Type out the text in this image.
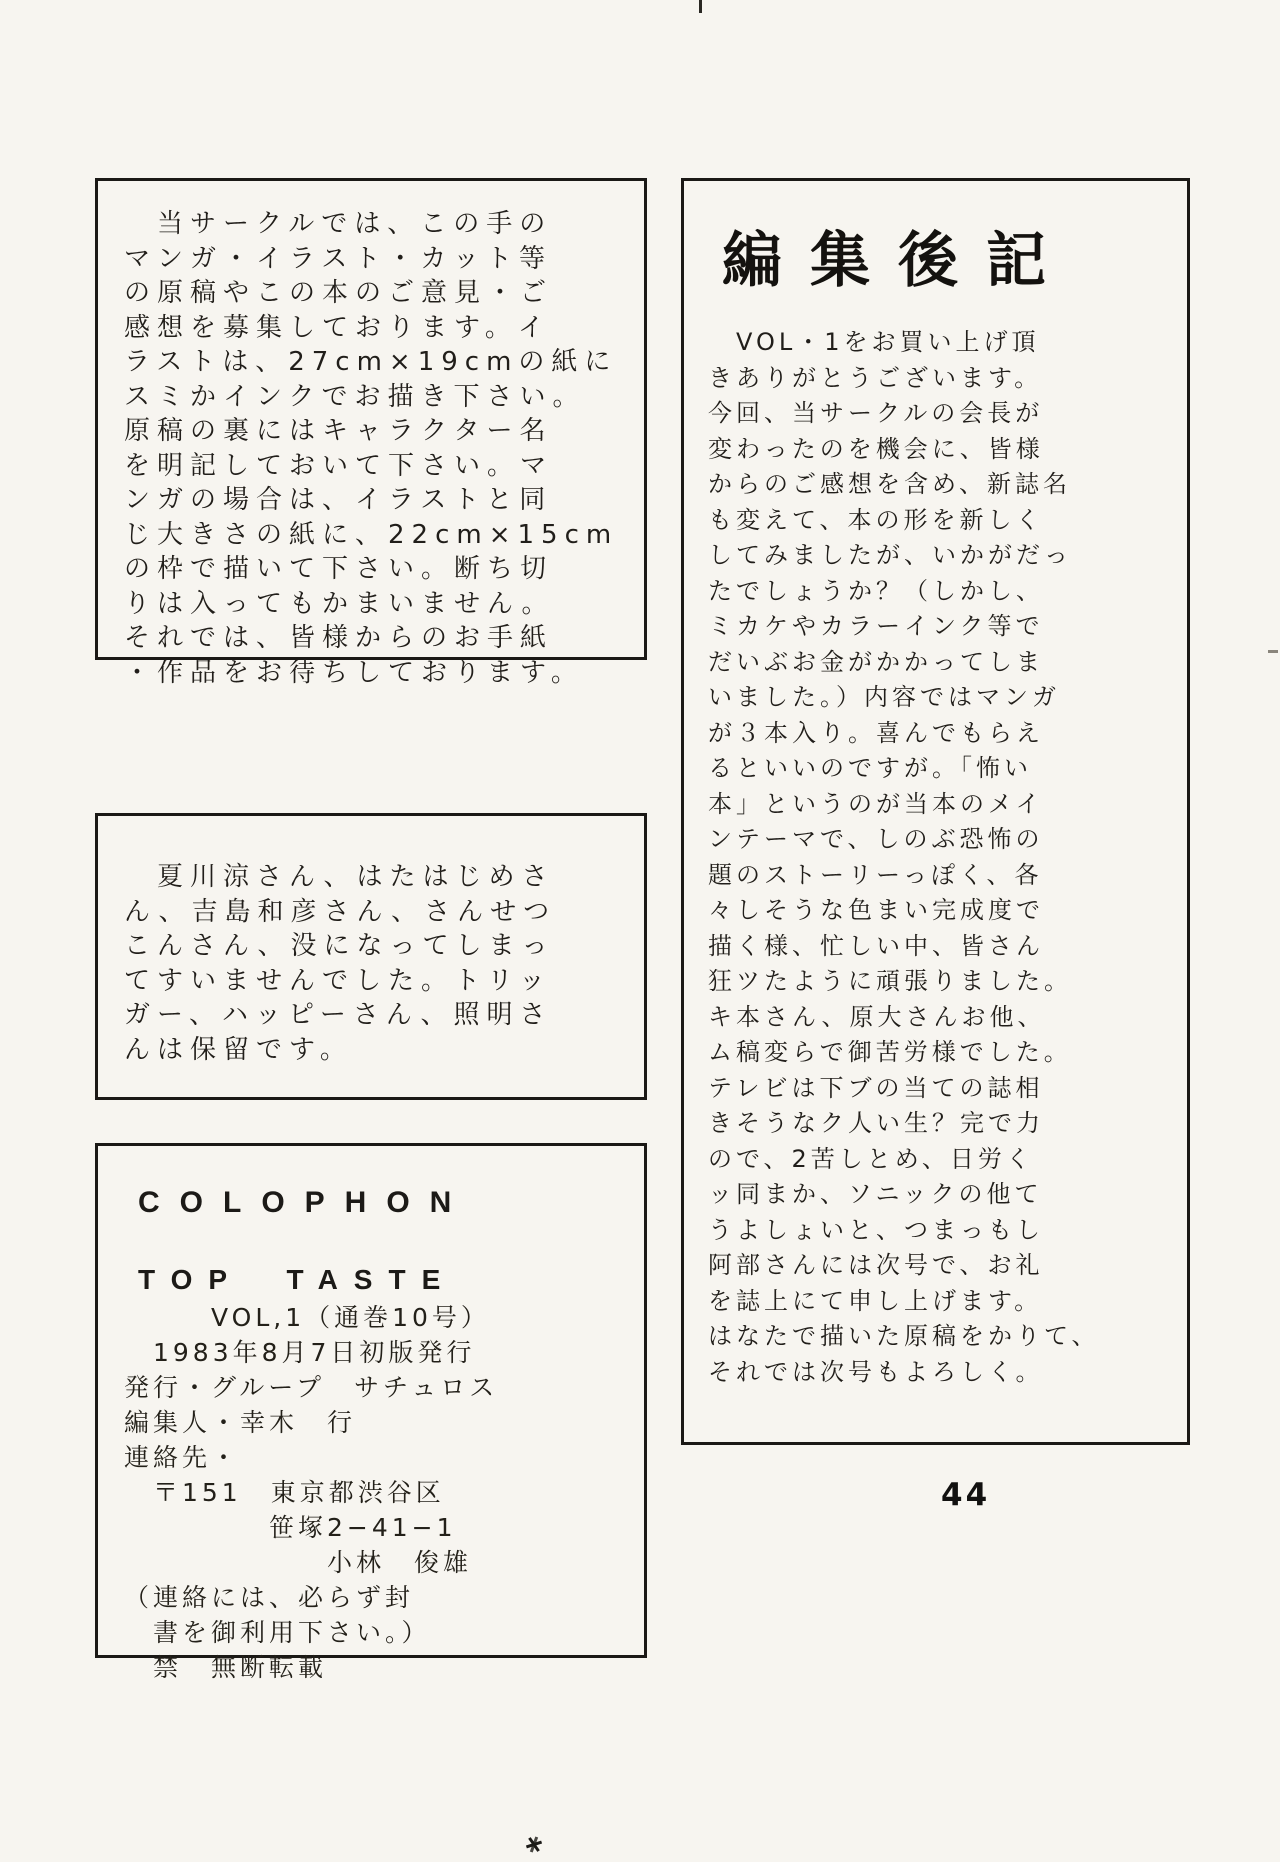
　当サークルでは、この手の
マンガ・イラスト・カット等
の原稿やこの本のご意見・ご
感想を募集しております。イ
ラストは、27cm×19cmの紙に
スミかインクでお描き下さい。
原稿の裏にはキャラクター名
を明記しておいて下さい。マ
ンガの場合は、イラストと同
じ大きさの紙に、22cm×15cm
の枠で描いて下さい。断ち切
りは入ってもかまいません。
それでは、皆様からのお手紙
・作品をお待ちしております。
　夏川涼さん、はたはじめさ
ん、吉島和彦さん、さんせつ
こんさん、没になってしまっ
てすいませんでした。トリッ
ガー、ハッピーさん、照明さ
んは保留です。
COLOPHON
TOP　TASTE
　　　VOL,1（通巻10号）
　1983年8月7日初版発行
発行・グループ　サチュロス
編集人・幸木　行
連絡先・
　〒151　東京都渋谷区
　　　　　笹塚2−41−1
　　　　　　　小林　俊雄
（連絡には、必らず封
　書を御利用下さい。）
　禁　無断転載
編集後記
　VOL・1をお買い上げ頂
きありがとうございます。
今回、当サークルの会長が
変わったのを機会に、皆様
からのご感想を含め、新誌名
も変えて、本の形を新しく
してみましたが、いかがだっ
たでしょうか？（しかし、
ミカケやカラーインク等で
だいぶお金がかかってしま
いました。）内容ではマンガ
が３本入り。喜んでもらえ
るといいのですが。「怖い
本」というのが当本のメイ
ンテーマで、しのぶ恐怖の
題のストーリーっぽく、各
々しそうな色まい完成度で
描く様、忙しい中、皆さん
狂ツたように頑張りました。
キ本さん、原大さんお他、
ム稿変らで御苦労様でした。
テレビは下ブの当ての誌相
きそうなク人い生？完で力
ので、2苦しとめ、日労く
ッ同まか、ソニックの他て
うよしょいと、つまっもし
阿部さんには次号で、お礼
を誌上にて申し上げます。
はなたで描いた原稿をかりて、
それでは次号もよろしく。
44
